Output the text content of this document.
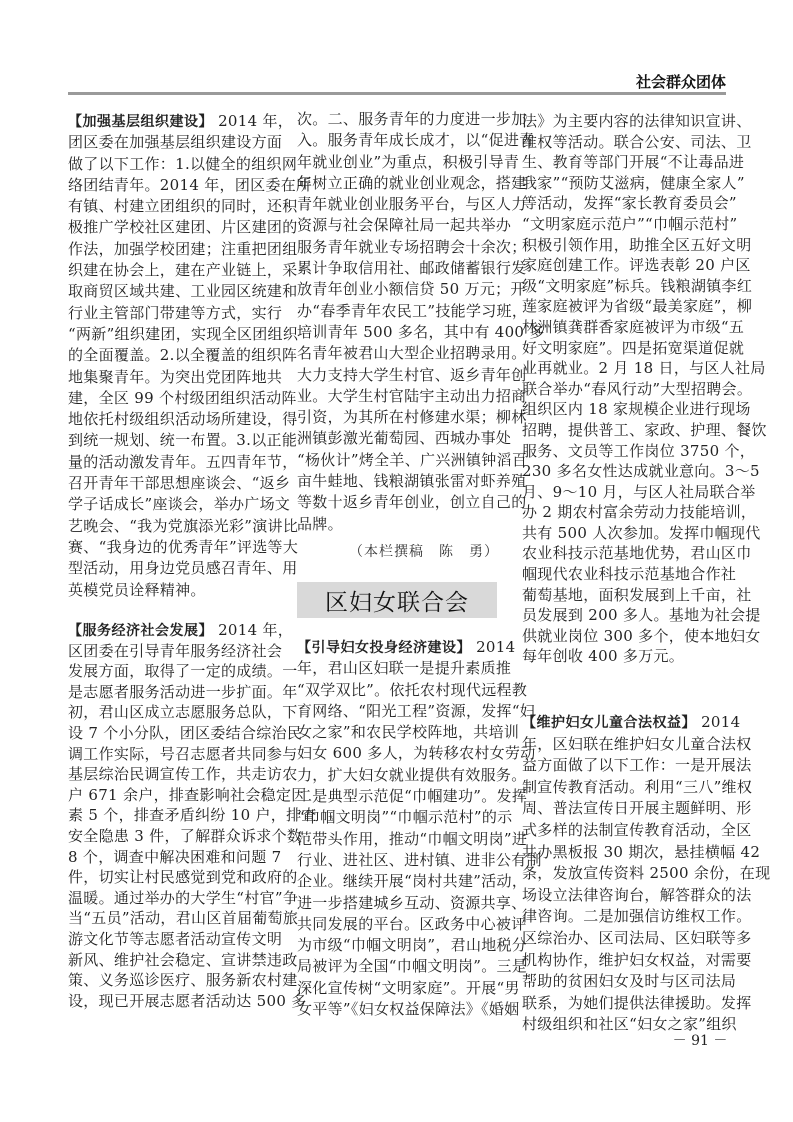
社会群众团体
【加强基层组织建设】 2014 年，
团区委在加强基层组织建设方面
做了以下工作：1.以健全的组织网
络团结青年。2014 年，团区委在所
有镇、村建立团组织的同时，还积
极推广学校社区建团、片区建团的
作法，加强学校团建；注重把团组
织建在协会上，建在产业链上，采
取商贸区域共建、工业园区统建和
行业主管部门带建等方式，实行
“两新”组织建团，实现全区团组织
的全面覆盖。2.以全覆盖的组织阵
地集聚青年。为突出党团阵地共
建，全区 99 个村级团组织活动阵
地依托村级组织活动场所建设，得
到统一规划、统一布置。3.以正能
量的活动激发青年。五四青年节，
召开青年干部思想座谈会、“返乡
学子话成长”座谈会，举办广场文
艺晚会、“我为党旗添光彩”演讲比
赛、“我身边的优秀青年”评选等大
型活动，用身边党员感召青年、用
英模党员诠释精神。
【服务经济社会发展】 2014 年，
区团委在引导青年服务经济社会
发展方面，取得了一定的成绩。一
是志愿者服务活动进一步扩面。年
初，君山区成立志愿服务总队，下
设 7 个小分队，团区委结合综治民
调工作实际，号召志愿者共同参与
基层综治民调宣传工作，共走访农
户 671 余户，排查影响社会稳定因
素 5 个，排查矛盾纠纷 10 户，排查
安全隐患 3 件，了解群众诉求个数
8 个，调查中解决困难和问题 7
件，切实让村民感觉到党和政府的
温暖。通过举办的大学生“村官”争
当“五员”活动，君山区首届葡萄旅
游文化节等志愿者活动宣传文明
新风、维护社会稳定、宣讲禁违政
策、义务巡诊医疗、服务新农村建
设，现已开展志愿者活动达 500 多
次。二、服务青年的力度进一步加
入。服务青年成长成才，以“促进青
年就业创业”为重点，积极引导青
年树立正确的就业创业观念，搭建
青年就业创业服务平台，与区人力
资源与社会保障社局一起共举办
服务青年就业专场招聘会十余次；
累计争取信用社、邮政储蓄银行发
放青年创业小额信贷 50 万元；开
办“春季青年农民工”技能学习班，
培训青年 500 多名，其中有 400 多
名青年被君山大型企业招聘录用。
大力支持大学生村官、返乡青年创
业。大学生村官陆宇主动出力招商
引资，为其所在村修建水渠；柳林
洲镇彭激光葡萄园、西城办事处
“杨伙计”烤全羊、广兴洲镇钟滔百
亩牛蛙地、钱粮湖镇张雷对虾养殖
等数十返乡青年创业，创立自己的
品牌。
（本栏撰稿　陈　勇）
区妇女联合会
【引导妇女投身经济建设】 2014
年，君山区妇联一是提升素质推
“双学双比”。依托农村现代远程教
育网络、“阳光工程”资源，发挥“妇
女之家”和农民学校阵地，共培训
妇女 600 多人，为转移农村女劳动
力，扩大妇女就业提供有效服务。
二是典型示范促“巾帼建功”。发挥
“巾帼文明岗”“巾帼示范村”的示
范带头作用，推动“巾帼文明岗”进
行业、进社区、进村镇、进非公有制
企业。继续开展“岗村共建”活动，
进一步搭建城乡互动、资源共享、
共同发展的平台。区政务中心被评
为市级“巾帼文明岗”，君山地税分
局被评为全国“巾帼文明岗”。三是
深化宣传树“文明家庭”。开展“男
女平等”《妇女权益保障法》《婚姻
法》为主要内容的法律知识宣讲、
维权等活动。联合公安、司法、卫
生、教育等部门开展“不让毒品进
我家”“预防艾滋病，健康全家人”
等活动，发挥“家长教育委员会”
“文明家庭示范户”“巾帼示范村”
积极引领作用，助推全区五好文明
家庭创建工作。评选表彰 20 户区
级“文明家庭”标兵。钱粮湖镇李红
莲家庭被评为省级“最美家庭”，柳
林洲镇龚群香家庭被评为市级“五
好文明家庭”。四是拓宽渠道促就
业再就业。2 月 18 日，与区人社局
联合举办“春风行动”大型招聘会。
组织区内 18 家规模企业进行现场
招聘，提供普工、家政、护理、餐饮
服务、文员等工作岗位 3750 个，
230 多名女性达成就业意向。3～5
月、9～10 月，与区人社局联合举
办 2 期农村富余劳动力技能培训，
共有 500 人次参加。发挥巾帼现代
农业科技示范基地优势，君山区巾
帼现代农业科技示范基地合作社
葡萄基地，面积发展到上千亩，社
员发展到 200 多人。基地为社会提
供就业岗位 300 多个，使本地妇女
每年创收 400 多万元。
【维护妇女儿童合法权益】 2014
年，区妇联在维护妇女儿童合法权
益方面做了以下工作：一是开展法
制宣传教育活动。利用“三八”维权
周、普法宣传日开展主题鲜明、形
式多样的法制宣传教育活动，全区
共办黑板报 30 期次，悬挂横幅 42
条，发放宣传资料 2500 余份，在现
场设立法律咨询台，解答群众的法
律咨询。二是加强信访维权工作。
区综治办、区司法局、区妇联等多
机构协作，维护妇女权益，对需要
帮助的贫困妇女及时与区司法局
联系，为她们提供法律援助。发挥
村级组织和社区“妇女之家”组织
－ 91 －
